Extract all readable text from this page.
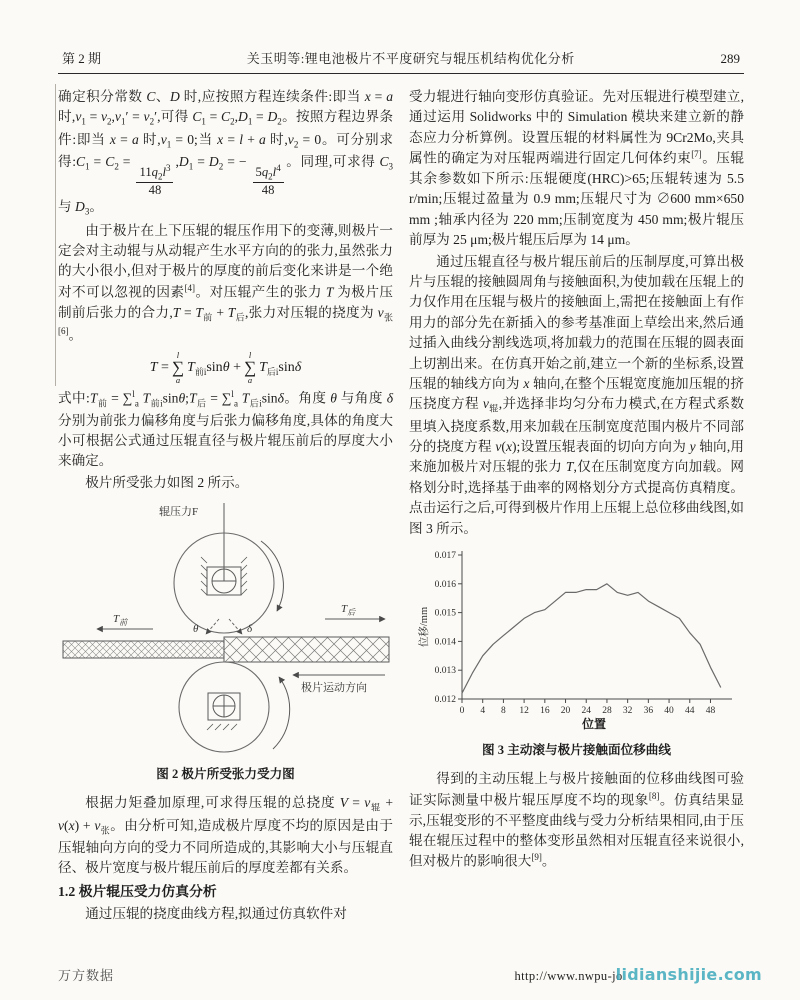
第 2 期	关玉明等:锂电池极片不平度研究与辊压机结构优化分析	289

确定积分常数 C、D 时,应按照方程连续条件:即当 x = a 时$,v_1 = v_2,v_1' = v_2'$,可得 $C_1 = C_2,D_1 = D_2$。按照方程边界条件:即当 x = a 时$,v_1 = 0$;当 x = l + a 时$,v_2 = 0$。可分别求得$:C_1 = C_2$ =
$\frac{11q_2l^3}{48}$
$,D_1 = D_2$ = −
$\frac{5q_2l^4}{48}$
。同理,可求得 $C_3$ 与 $D_3$。

由于极片在上下压辊的辊压作用下的变薄,则极片一定会对主动辊与从动辊产生水平方向的的张力,虽然张力的大小很小,但对于极片的厚度的前后变化来讲是一个绝对不可以忽视的因素[4]。对压辊产生的张力 T 为极片压制前后张力的合力$,T = T_前 + T_后$,张力对压辊的挠度为 $v_张[6]$。

T =
l
∑
a
$T_{前i}\sin\theta$ +
l
∑
a
$T_{后i}\sin\delta$

式中$:T_前 = \sum^l_a$ $T_{前i}\sin\theta;T_后 = \sum^l_a$ $T_{后i}\sin\delta$。角度 θ 与角度 δ 分别为前张力偏移角度与后张力偏移角度,具体的角度大小可根据公式通过压辊直径与极片辊压前后的厚度大小来确定。

极片所受张力如图 2 所示。

辊压力F
θ	δ
$T_前$
$T_后$
极片运动方向
图 2 极片所受张力受力图

根据力矩叠加原理,可求得压辊的总挠度 $V = v_辊 + v(x) + v_张$。由分析可知,造成极片厚度不均的原因是由于压辊轴向方向的受力不同所造成的,其影响大小与压辊直径、极片宽度与极片辊压前后的厚度差都有关系。

1.2 极片辊压受力仿真分析

通过压辊的挠度曲线方程,拟通过仿真软件对

受力辊进行轴向变形仿真验证。先对压辊进行模型建立,通过运用 Solidworks 中的 Simulation 模块来建立新的静态应力分析算例。设置压辊的材料属性为 9Cr2Mo,夹具属性的确定为对压辊两端进行固定几何体约束[7]。压辊其余参数如下所示:压辊硬度(HRC)>65;压辊转速为 5.5 r/min;压辊过盈量为 0.9 mm;压辊尺寸为 ∅600 mm×650 mm ;轴承内径为 220 mm;压制宽度为 450 mm;极片辊压前厚为 25 μm;极片辊压后厚为 14 μm。

通过压辊直径与极片辊压前后的压制厚度,可算出极片与压辊的接触圆周角与接触面积,为使加载在压辊上的力仅作用在压辊与极片的接触面上,需把在接触面上有作用力的部分先在新插入的参考基准面上草绘出来,然后通过插入曲线分割线选项,将加载力的范围在压辊的圆表面上切割出来。在仿真开始之前,建立一个新的坐标系,设置压辊的轴线方向为 x 轴向,在整个压辊宽度施加压辊的挤压挠度方程 $v_辊$,并选择非均匀分布力模式,在方程式系数里填入挠度系数,用来加载在压制宽度范围内极片不同部分的挠度方程 v(x);设置压辊表面的切向方向为 y 轴向,用来施加极片对压辊的张力 T,仅在压制宽度方向加载。网格划分时,选择基于曲率的网格划分方式提高仿真精度。点击运行之后,可得到极片作用上压辊上总位移曲线图,如图 3 所示。

0.012
0.013
0.014
0.015
0.016
0.017
0 4 8 12 16 20 24 28 32 36 40 44 48
位移/mm
位置
图 3 主动滚与极片接触面位移曲线

得到的主动压辊上与极片接触面的位移曲线图可验证实际测量中极片辊压厚度不均的现象[8]。仿真结果显示,压辊变形的不平整度曲线与受力分析结果相同,由于压辊在辊压过程中的整体变形虽然相对压辊直径来说很小,但对极片的影响很大[9]。

万方数据	http://www.nwpu-jo
lidianshijie.com
